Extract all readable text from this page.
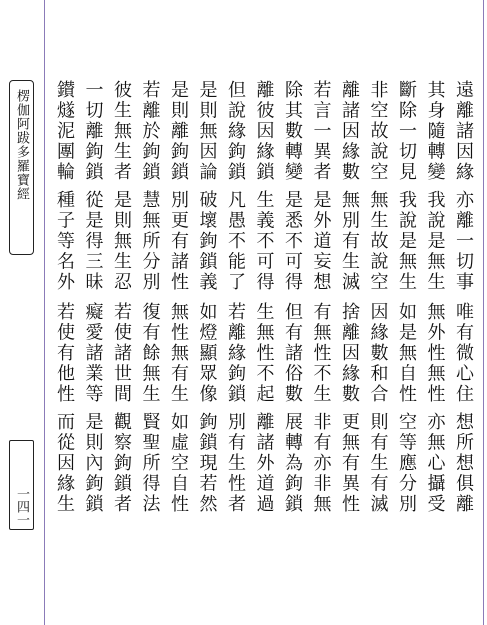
楞伽阿跋多羅寶經
一四一
遠離諸因緣
其身隨轉變
斷除一切見
非空故說空
離諸因緣數
若言一異者
除其數轉變
離彼因緣鎖
但說緣鉤鎖
是則無因論
是則離鉤鎖
若離於鉤鎖
彼生無生者
一切離鉤鎖
鑚燧泥團輪
亦離一切事
我說是無生
我說是無生
無生故說空
無別有生滅
是外道妄想
是悉不可得
生義不可得
凡愚不能了
破壞鉤鎖義
別更有諸性
慧無所分別
是則無生忍
從是得三昧
種子等名外
唯有微心住
無外性無性
如是無自性
因緣數和合
捨離因緣數
有無性不生
但有諸俗數
生無性不起
若離緣鉤鎖
如燈顯眾像
無性無有生
復有餘無生
若使諸世間
癡愛諸業等
若使有他性
想所想俱離
亦無心攝受
空等應分別
則有生有滅
更無有異性
非有亦非無
展轉為鉤鎖
離諸外道過
別有生性者
鉤鎖現若然
如虛空自性
賢聖所得法
觀察鉤鎖者
是則內鉤鎖
而從因緣生
